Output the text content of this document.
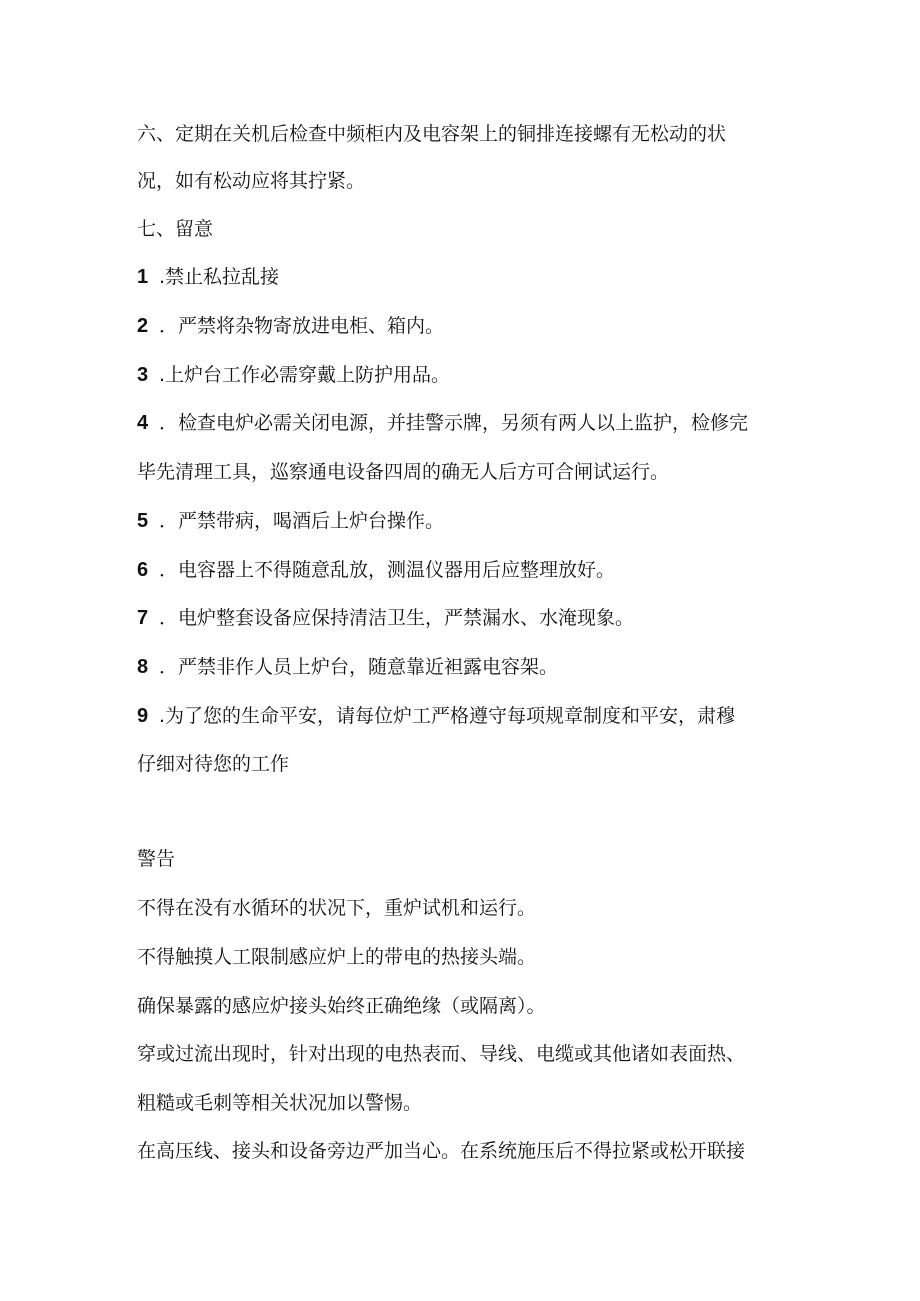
六、定期在关机后检查中频柜内及电容架上的铜排连接螺有无松动的状
况，如有松动应将其拧紧。
七、留意
1 .禁止私拉乱接
2 ．严禁将杂物寄放进电柜、箱内。
3 .上炉台工作必需穿戴上防护用品。
4 ．检查电炉必需关闭电源，并挂警示牌，另须有两人以上监护，检修完
毕先清理工具，巡察通电设备四周的确无人后方可合闸试运行。
5 ．严禁带病，喝酒后上炉台操作。
6 ．电容器上不得随意乱放，测温仪器用后应整理放好。
7 ．电炉整套设备应保持清洁卫生，严禁漏水、水淹现象。
8 ．严禁非作人员上炉台，随意靠近袒露电容架。
9 .为了您的生命平安，请每位炉工严格遵守每项规章制度和平安，肃穆
仔细对待您的工作
警告
不得在没有水循环的状况下，重炉试机和运行。
不得触摸人工限制感应炉上的带电的热接头端。
确保暴露的感应炉接头始终正确绝缘（或隔离）。
穿或过流出现时，针对出现的电热表而、导线、电缆或其他诸如表面热、
粗糙或毛刺等相关状况加以警惕。
在高压线、接头和设备旁边严加当心。在系统施压后不得拉紧或松开联接
